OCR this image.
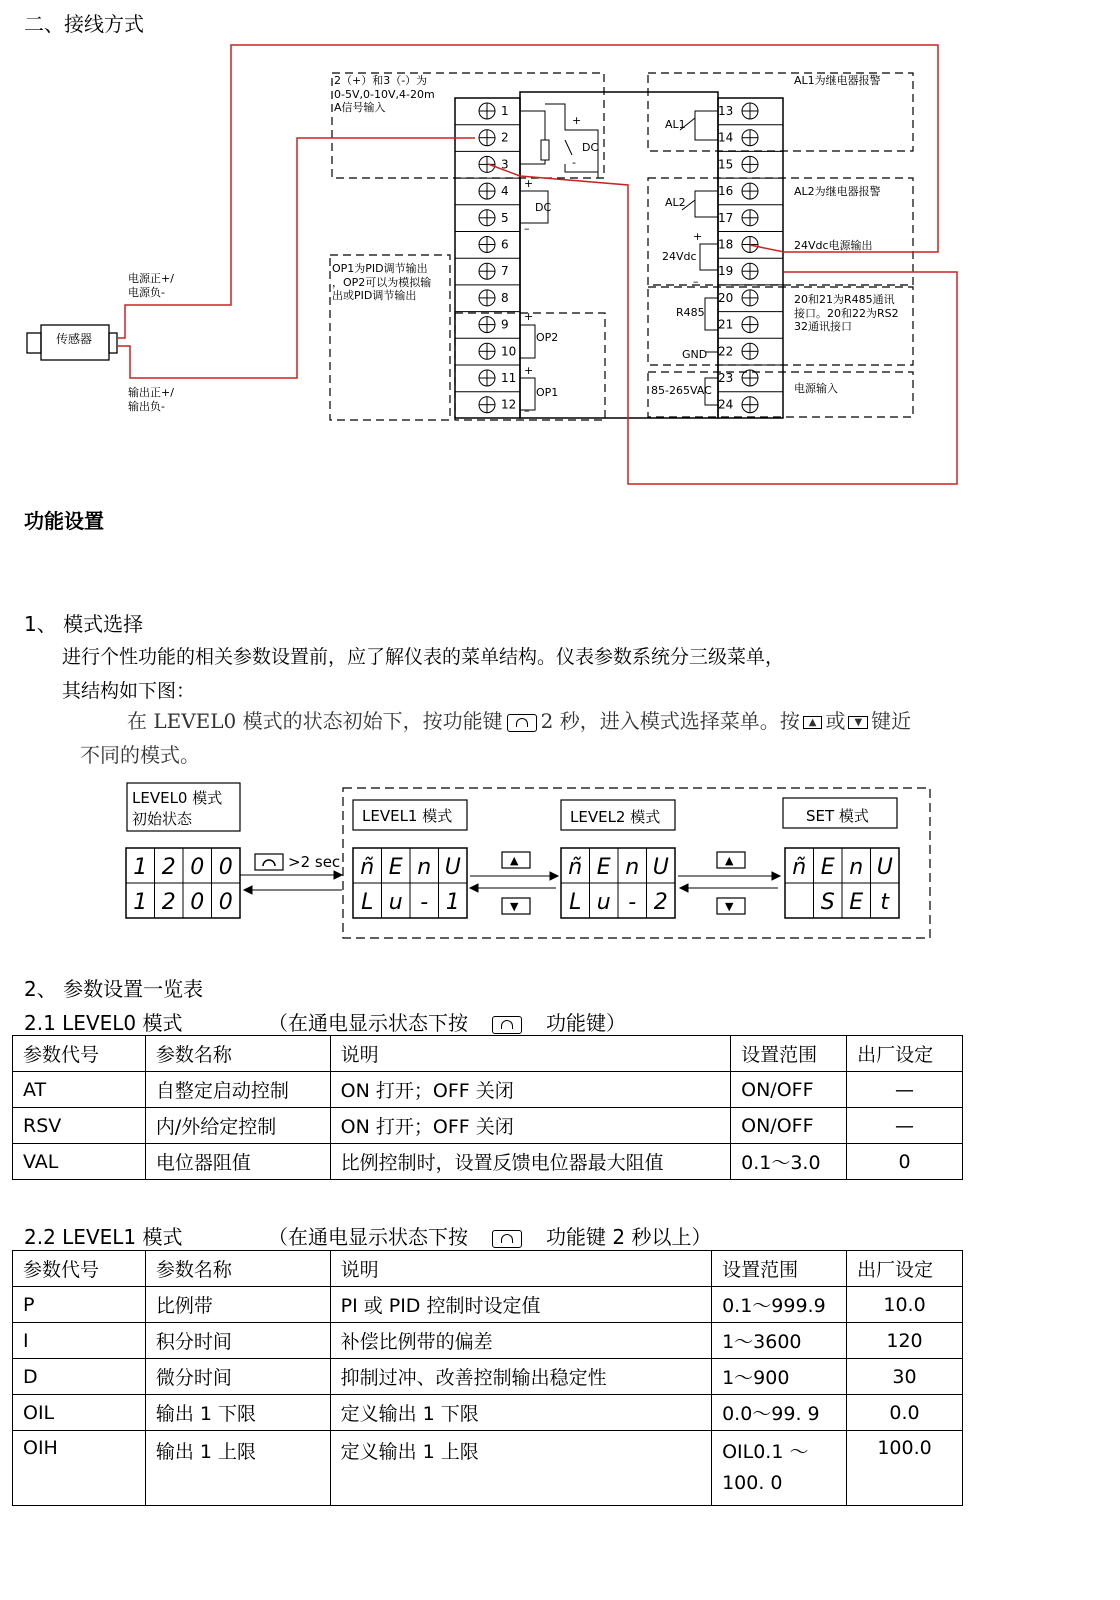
二、接线方式
1
2
3
4
5
6
7
8
9
10
11
12
13
14
15
16
17
18
19
20
21
22
23
24
传感器
电源正+/
电源负-
输出正+/
输出负-
2（+）和3（-）为
0-5V,0-10V,4-20m
A信号输入
OP1为PID调节输出
，OP2可以为模拟输
出或PID调节输出
AL1为继电器报警
AL2为继电器报警
24Vdc电源输出
20和21为R485通讯
接口。20和22为RS2
32通讯接口
电源输入
DC
DC
OP2
OP1
AL1
AL2
24Vdc
R485
GND
85-265VAC
+
-
+
–
+
–
+
–
+
–
功能设置
1、 模式选择
进行个性功能的相关参数设置前，应了解仪表的菜单结构。仪表参数系统分三级菜单，
其结构如下图：
在 LEVEL0 模式的状态初始下，按功能键 2 秒，进入模式选择菜单。按 ▲ 或 ▼ 键近
不同的模式。
LEVEL0 模式
初始状态	LEVEL1 模式	LEVEL2 模式	SET 模式
>2 sec	▲
▼
▲
▼
1 2 0 0
1 2 0 0
ñ E n U
L u - 1
ñ E n U
L u - 2
ñ E n U
S E t
2、 参数设置一览表
2.1 LEVEL0 模式	（在通电显示状态下按	功能键）
参数代号	参数名称	说明	设置范围	出厂设定
AT	自整定启动控制	ON 打开；OFF 关闭	ON/OFF	—
RSV	内/外给定控制	ON 打开；OFF 关闭	ON/OFF	—
VAL	电位器阻值	比例控制时，设置反馈电位器最大阻值	0.1～3.0	0
2.2 LEVEL1 模式	（在通电显示状态下按	功能键 2 秒以上）
参数代号	参数名称	说明	设置范围	出厂设定
P	比例带	PI 或 PID 控制时设定值	0.1～999.9	10.0
I	积分时间	补偿比例带的偏差	1～3600	120
D	微分时间	抑制过冲、改善控制输出稳定性	1～900	30
OIL	输出 1 下限	定义输出 1 下限	0.0～99. 9	0.0
OIH	输出 1 上限	定义输出 1 上限	OIL0.1 ～
100. 0	100.0
